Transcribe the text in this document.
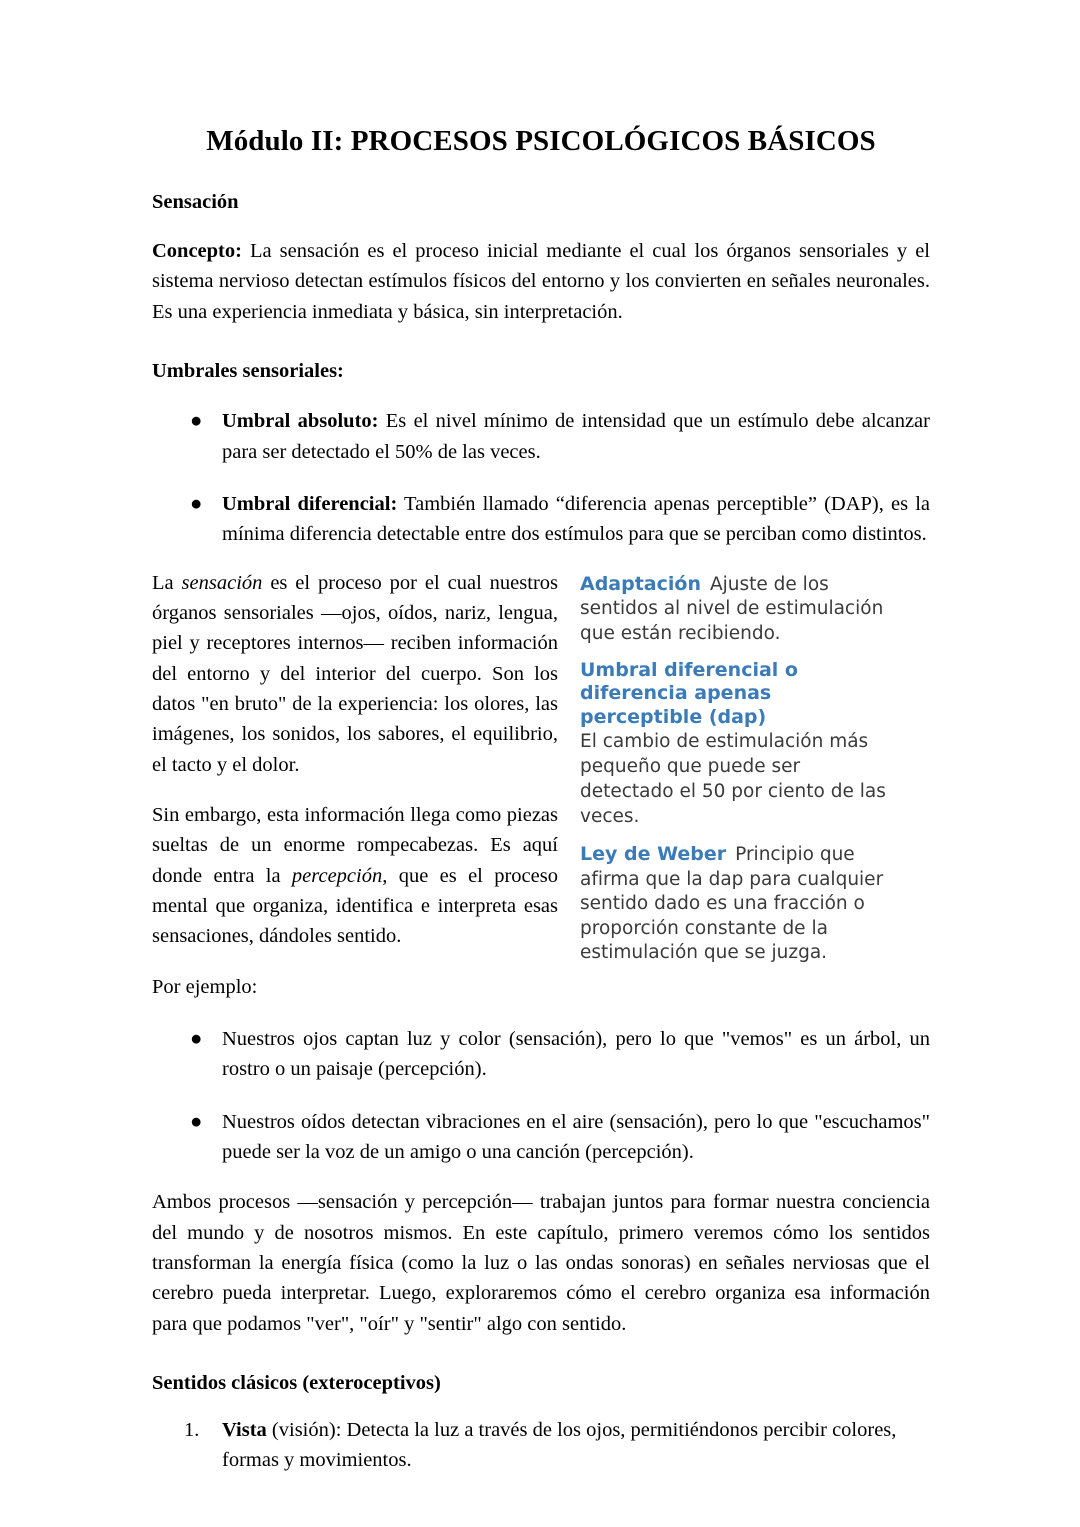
Módulo II: PROCESOS PSICOLÓGICOS BÁSICOS
Sensación

Concepto: La sensación es el proceso inicial mediante el cual los órganos sensoriales y el sistema nervioso detectan estímulos físicos del entorno y los convierten en señales neuronales. Es una experiencia inmediata y básica, sin interpretación.

Umbrales sensoriales:
● Umbral absoluto: Es el nivel mínimo de intensidad que un estímulo debe alcanzar para ser detectado el 50% de las veces.
● Umbral diferencial: También llamado “diferencia apenas perceptible” (DAP), es la mínima diferencia detectable entre dos estímulos para que se perciban como distintos.
Adaptación Ajuste de los sentidos al nivel de estimulación que están recibiendo.
Umbral diferencial o diferencia apenas perceptible (dap)
El cambio de estimulación más pequeño que puede ser detectado el 50 por ciento de las veces.
Ley de Weber Principio que afirma que la dap para cualquier sentido dado es una fracción o proporción constante de la estimulación que se juzga.

La sensación es el proceso por el cual nuestros órganos sensoriales —ojos, oídos, nariz, lengua, piel y receptores internos— reciben información del entorno y del interior del cuerpo. Son los datos "en bruto" de la experiencia: los olores, las imágenes, los sonidos, los sabores, el equilibrio, el tacto y el dolor.

Sin embargo, esta información llega como piezas sueltas de un enorme rompecabezas. Es aquí donde entra la percepción, que es el proceso mental que organiza, identifica e interpreta esas sensaciones, dándoles sentido.

Por ejemplo:

● Nuestros ojos captan luz y color (sensación), pero lo que "vemos" es un árbol, un rostro o un paisaje (percepción).
● Nuestros oídos detectan vibraciones en el aire (sensación), pero lo que "escuchamos" puede ser la voz de un amigo o una canción (percepción).

Ambos procesos —sensación y percepción— trabajan juntos para formar nuestra conciencia del mundo y de nosotros mismos. En este capítulo, primero veremos cómo los sentidos transforman la energía física (como la luz o las ondas sonoras) en señales nerviosas que el cerebro pueda interpretar. Luego, exploraremos cómo el cerebro organiza esa información para que podamos "ver", "oír" y "sentir" algo con sentido.

Sentidos clásicos (exteroceptivos)
1. Vista (visión): Detecta la luz a través de los ojos, permitiéndonos percibir colores, formas y movimientos.
